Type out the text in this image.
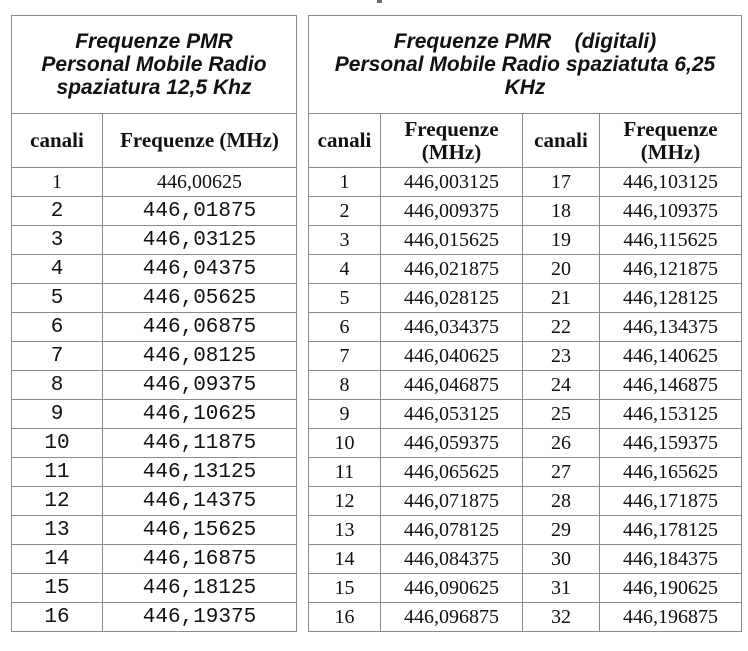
Frequenze PMR
Personal Mobile Radio
spaziatura 12,5 Khz	

canali	Frequenze (MHz)
1	446,00625
2	446,01875
3	446,03125
4	446,04375
5	446,05625
6	446,06875
7	446,08125
8	446,09375
9	446,10625
10	446,11875
11	446,13125
12	446,14375
13	446,15625
14	446,16875
15	446,18125
16	446,19375
Frequenze PMR    (digitali)
Personal Mobile Radio spaziatuta 6,25
KHz			

canali	Frequenze (MHz)	canali	Frequenze (MHz)
1	446,003125	17	446,103125
2	446,009375	18	446,109375
3	446,015625	19	446,115625
4	446,021875	20	446,121875
5	446,028125	21	446,128125
6	446,034375	22	446,134375
7	446,040625	23	446,140625
8	446,046875	24	446,146875
9	446,053125	25	446,153125
10	446,059375	26	446,159375
11	446,065625	27	446,165625
12	446,071875	28	446,171875
13	446,078125	29	446,178125
14	446,084375	30	446,184375
15	446,090625	31	446,190625
16	446,096875	32	446,196875
